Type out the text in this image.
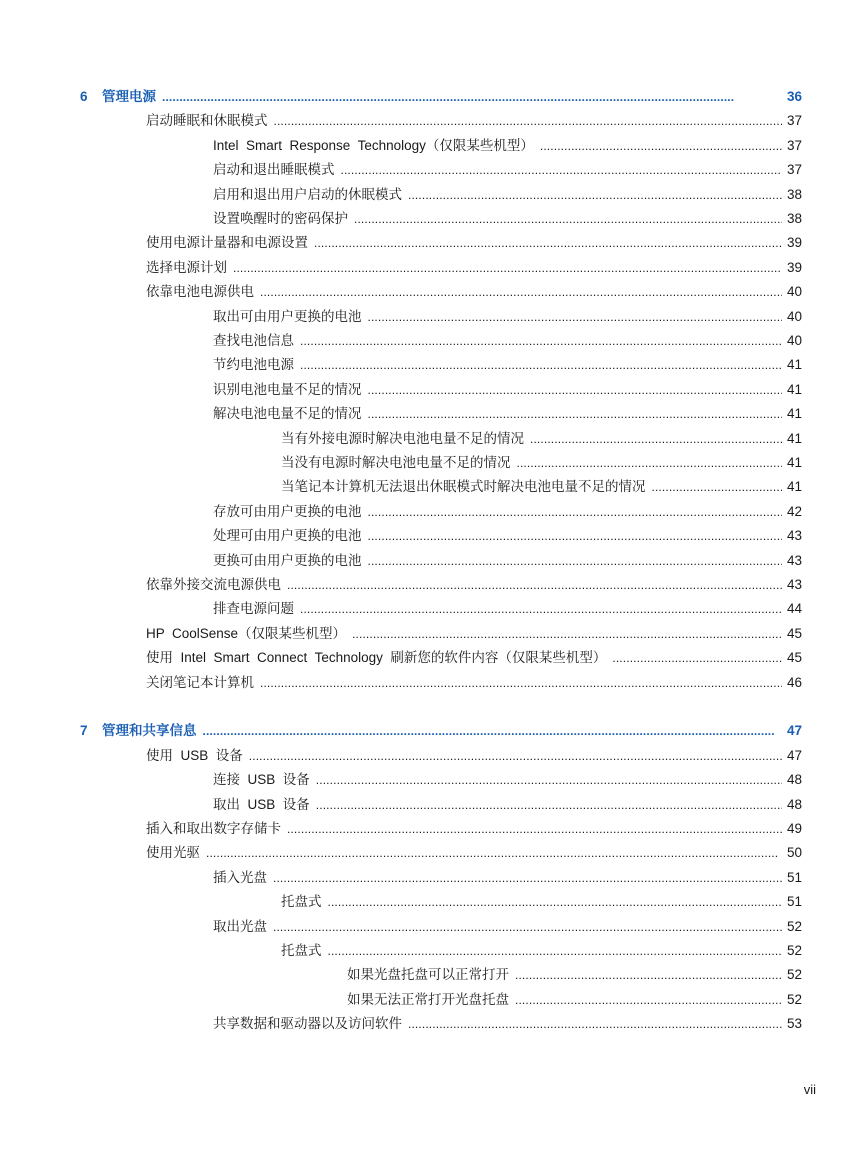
6	管理电源 . . .	36
启动睡眠和休眠模式 . . .	37
Intel  Smart  Response  Technology（仅限某些机型） . . .	37
启动和退出睡眠模式 . . .	37
启用和退出用户启动的休眠模式 . . .	38
设置唤醒时的密码保护 . . .	38
使用电源计量器和电源设置 . . .	39
选择电源计划 . . .	39
依靠电池电源供电 . . .	40
取出可由用户更换的电池 . . .	40
查找电池信息 . . .	40
节约电池电源 . . .	41
识别电池电量不足的情况 . . .	41
解决电池电量不足的情况 . . .	41
当有外接电源时解决电池电量不足的情况 . . .	41
当没有电源时解决电池电量不足的情况 . . .	41
当笔记本计算机无法退出休眠模式时解决电池电量不足的情况 . . .	41
存放可由用户更换的电池 . . .	42
处理可由用户更换的电池 . . .	43
更换可由用户更换的电池 . . .	43
依靠外接交流电源供电 . . .	43
排查电源问题 . . .	44
HP  CoolSense（仅限某些机型） . . .	45
使用  Intel  Smart  Connect  Technology  刷新您的软件内容（仅限某些机型） . . .	45
关闭笔记本计算机 . . .	46
7	管理和共享信息 . . .	47
使用  USB  设备 . . .	47
连接  USB  设备 . . .	48
取出  USB  设备 . . .	48
插入和取出数字存储卡 . . .	49
使用光驱 . . .	50
插入光盘 . . .	51
托盘式 . . .	51
取出光盘 . . .	52
托盘式 . . .	52
如果光盘托盘可以正常打开 . . .	52
如果无法正常打开光盘托盘 . . .	52
共享数据和驱动器以及访问软件 . . .	53
vii
